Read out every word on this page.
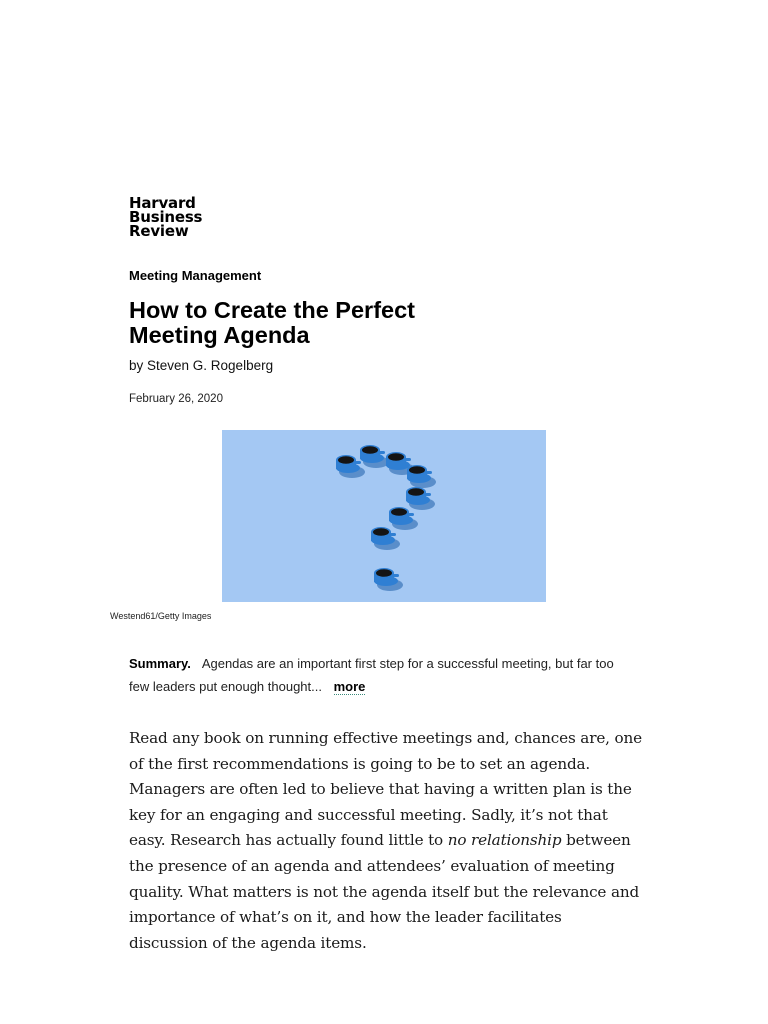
Harvard
Business
Review
Meeting Management
How to Create the Perfect Meeting Agenda
by Steven G. Rogelberg
February 26, 2020
Westend61/Getty Images
Summary. Agendas are an important first step for a successful meeting, but far too few leaders put enough thought... more

Read any book on running effective meetings and, chances are, one of the first recommendations is going to be to set an agenda. Managers are often led to believe that having a written plan is the key for an engaging and successful meeting. Sadly, it’s not that easy. Research has actually found little to no relationship between the presence of an agenda and attendees’ evaluation of meeting quality. What matters is not the agenda itself but the relevance and importance of what’s on it, and how the leader facilitates discussion of the agenda items.
